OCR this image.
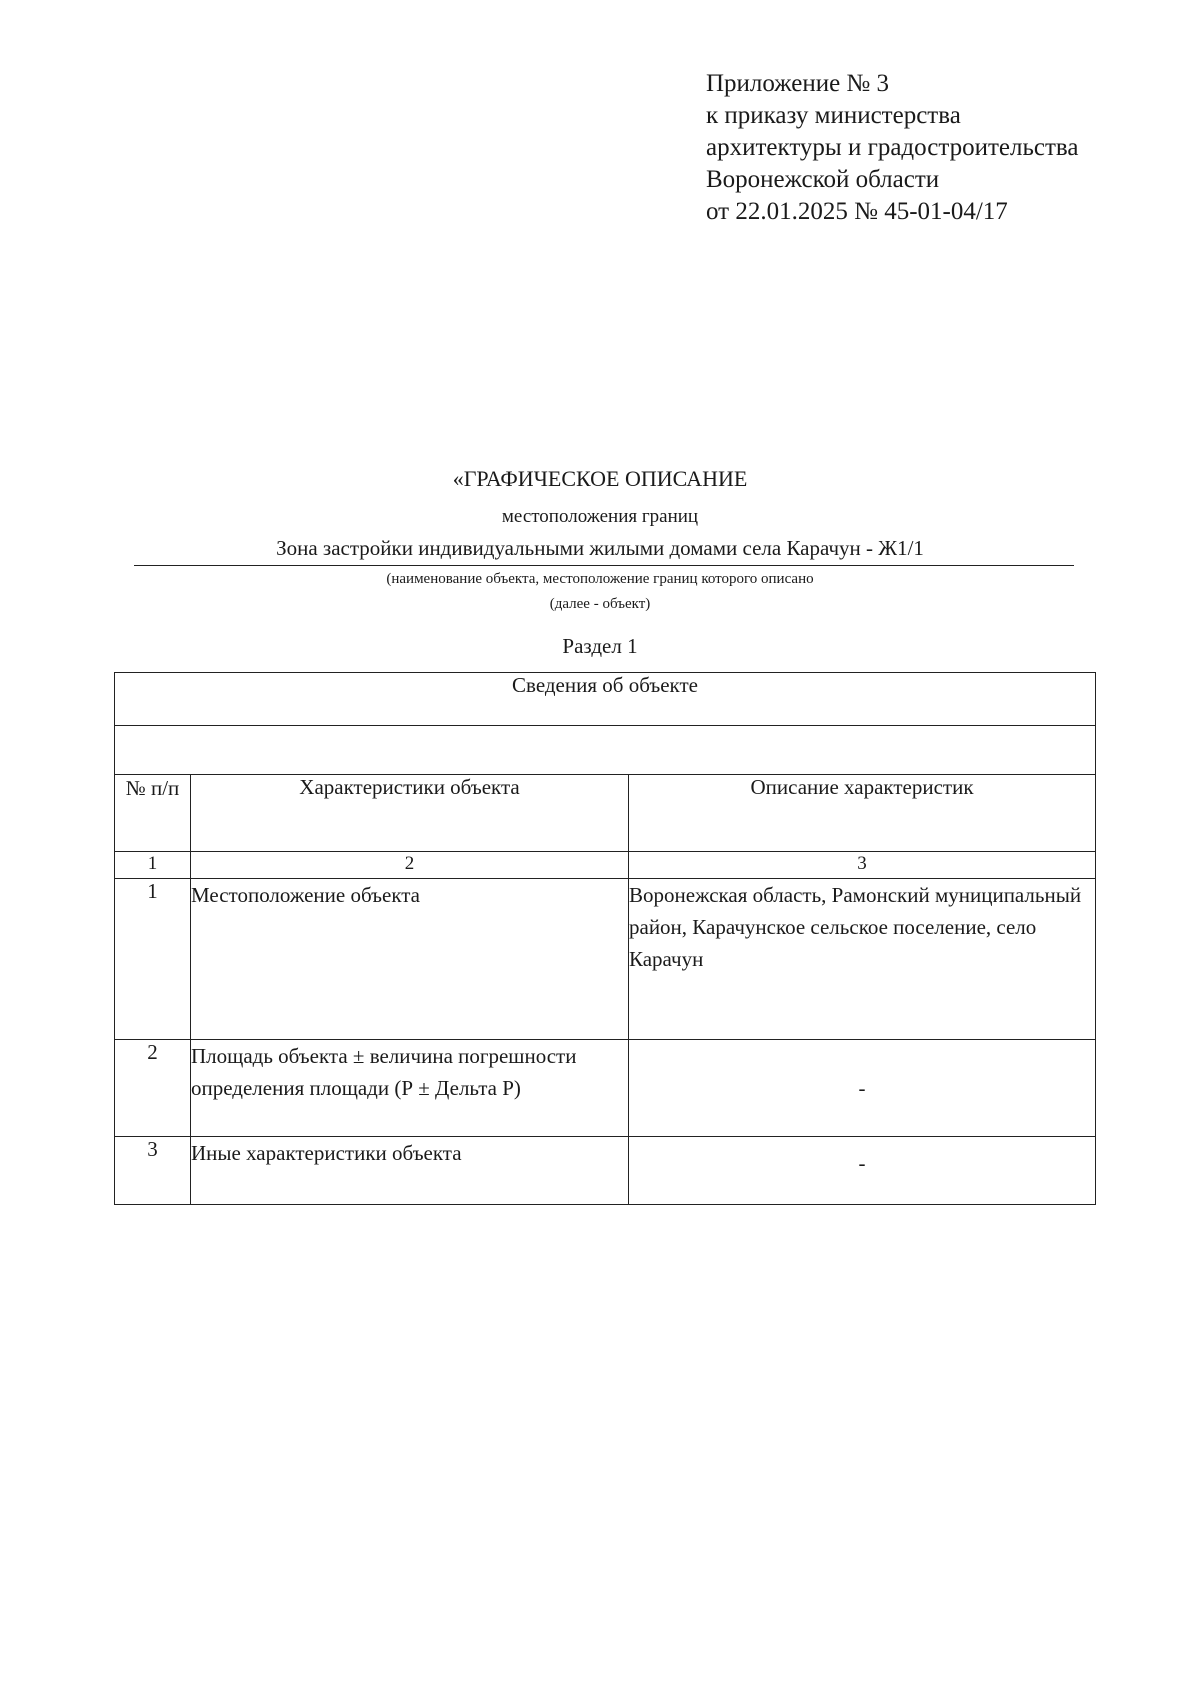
Приложение № 3
к приказу министерства
архитектуры и градостроительства
Воронежской области
от 22.01.2025 № 45-01-04/17
«ГРАФИЧЕСКОЕ ОПИСАНИЕ
местоположения границ
Зона застройки индивидуальными жилыми домами села Карачун - Ж1/1
(наименование объекта, местоположение границ которого описано
(далее - объект)
Раздел 1
Сведения об объекте		

№ п/п	Характеристики объекта	Описание характеристик
1	2	3
1	Местоположение объекта	Воронежская область, Рамонский муниципальный район, Карачунское сельское поселение, село Карачун
2	Площадь объекта ± величина погрешности определения площади (Р ± Дельта Р)	-
3	Иные характеристики объекта	-
